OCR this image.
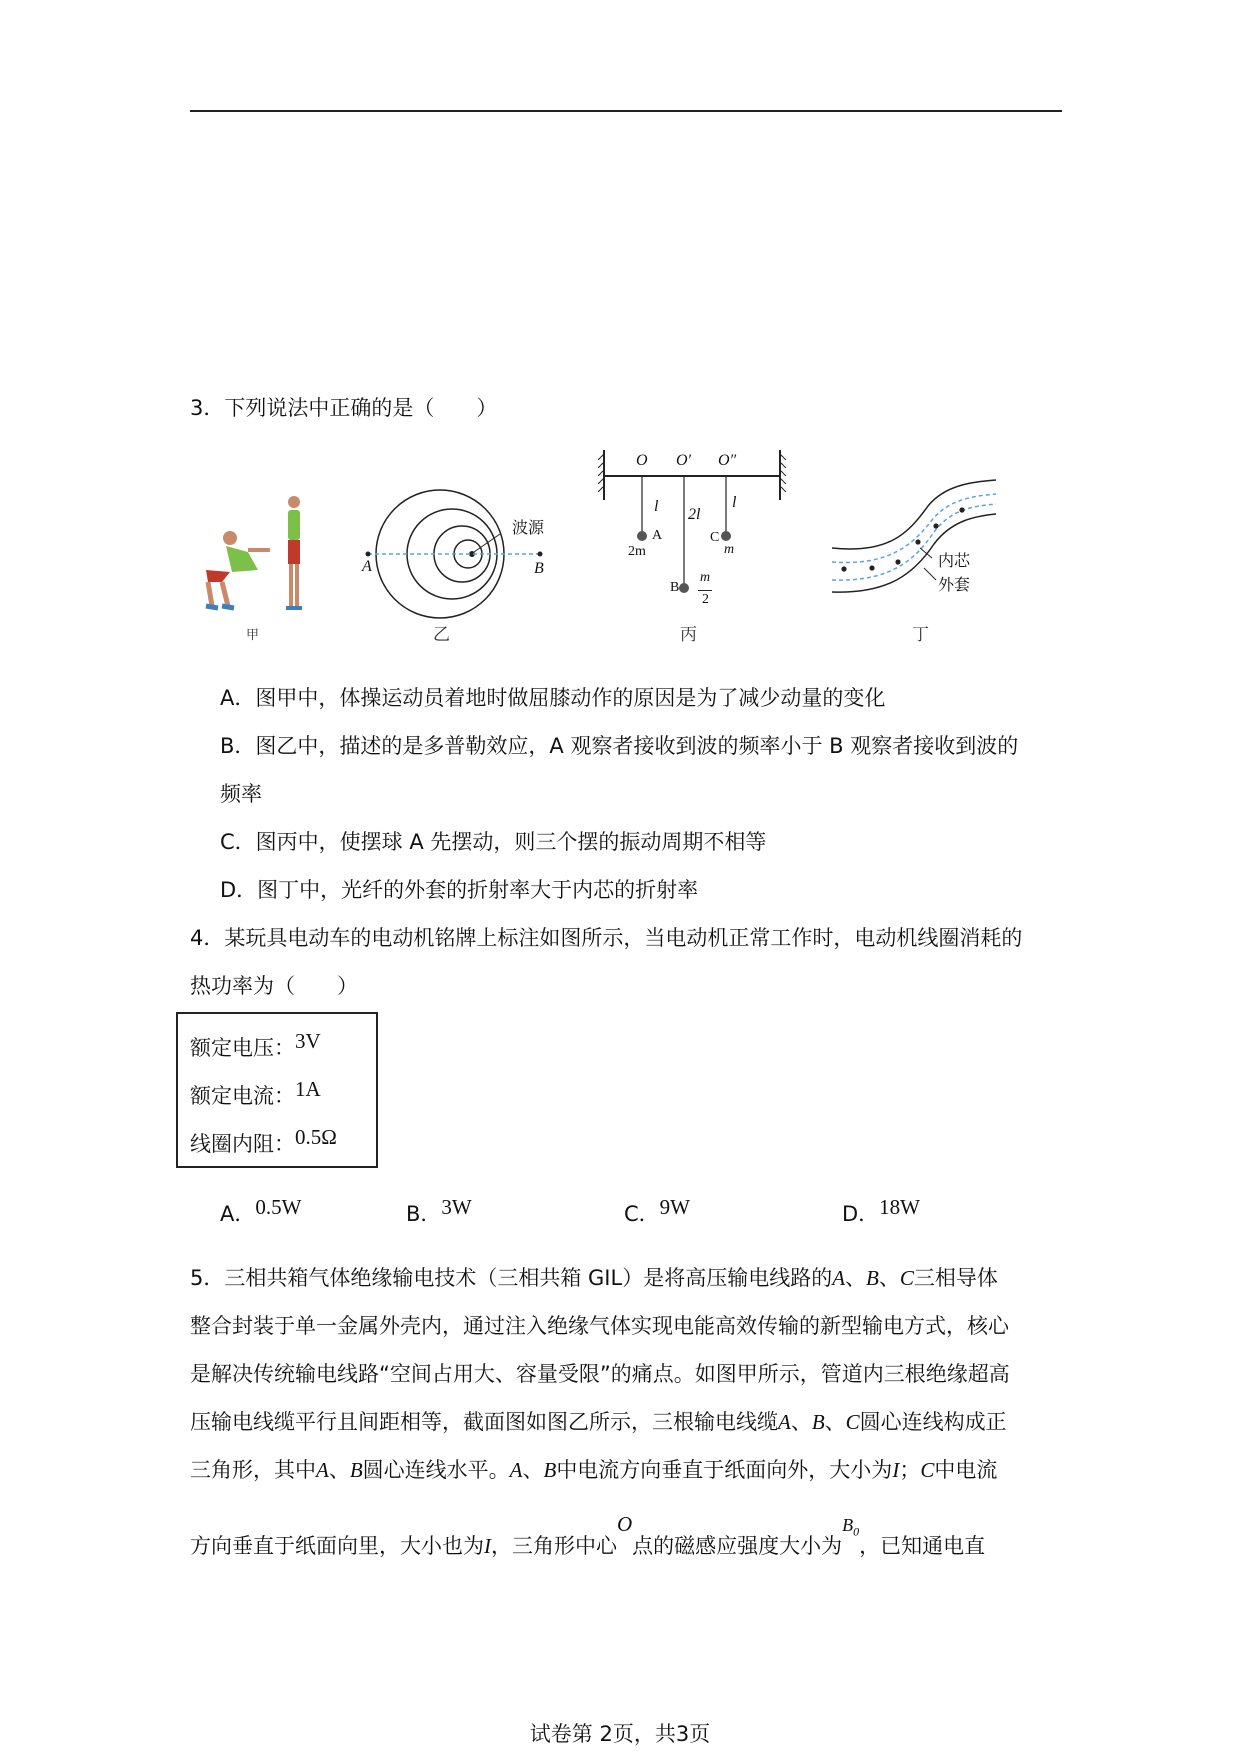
3．下列说法中正确的是（　　）
甲
波源
A	B
乙
O O′ O″
l 2l
l
A
2m
B
m
2
C
m
丙
内芯
外套
丁
A．图甲中，体操运动员着地时做屈膝动作的原因是为了减少动量的变化
B．图乙中，描述的是多普勒效应，A 观察者接收到波的频率小于 B 观察者接收到波的
频率
C．图丙中，使摆球 A 先摆动，则三个摆的振动周期不相等
D．图丁中，光纤的外套的折射率大于内芯的折射率
4．某玩具电动车的电动机铭牌上标注如图所示，当电动机正常工作时，电动机线圈消耗的
热功率为（　　）
额定电压：3V
额定电流：1A
线圈内阻：0.5Ω
A．0.5W	B．3W	C．9W	D．18W
5．三相共箱气体绝缘输电技术（三相共箱 GIL）是将高压输电线路的A、B、C三相导体
整合封装于单一金属外壳内，通过注入绝缘气体实现电能高效传输的新型输电方式，核心
是解决传统输电线路“空间占用大、容量受限”的痛点。如图甲所示，管道内三根绝缘超高
压输电线缆平行且间距相等，截面图如图乙所示，三根输电线缆A、B、C圆心连线构成正
三角形，其中A、B圆心连线水平。A、B中电流方向垂直于纸面向外，大小为I；C中电流
方向垂直于纸面向里，大小也为I，三角形中心O点的磁感应强度大小为$B_0$，已知通电直
试卷第 2页，共3页
